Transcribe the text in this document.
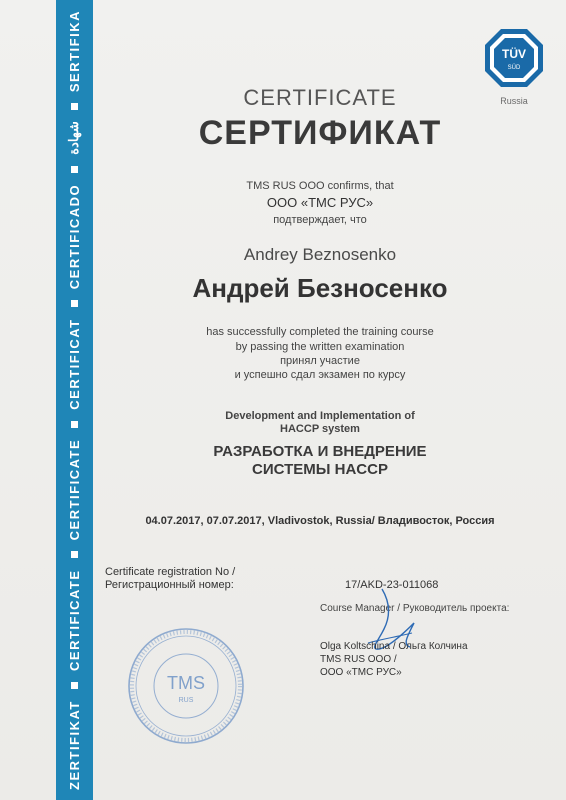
ZERTIFIKAT
CERTIFICATE
CERTIFICATE
CERTIFICAT
CERTIFICADO
شهادة
SERTIFIKA	TÜV
SÜD
Russia
CERTIFICATE
СЕРТИФИКАТ
TMS RUS OOO confirms, that
ООО «ТМС РУС»
подтверждает, что
Andrey Beznosenko
Андрей Безносенко
has successfully completed the training course
by passing the written examination
принял участие
и успешно сдал экзамен по курсу
Development and Implementation of
HACCP system
РАЗРАБОТКА И ВНЕДРЕНИЕ
СИСТЕМЫ HACCP
04.07.2017, 07.07.2017, Vladivostok, Russia/ Владивосток, Россия
Certificate registration No /
Регистрационный номер:	17/AKD-23-011068
Course Manager / Руководитель проекта:
Olga Koltschina / Ольга Колчина
TMS RUS OOO /
ООО «ТМС РУС»
TMS
RUS
